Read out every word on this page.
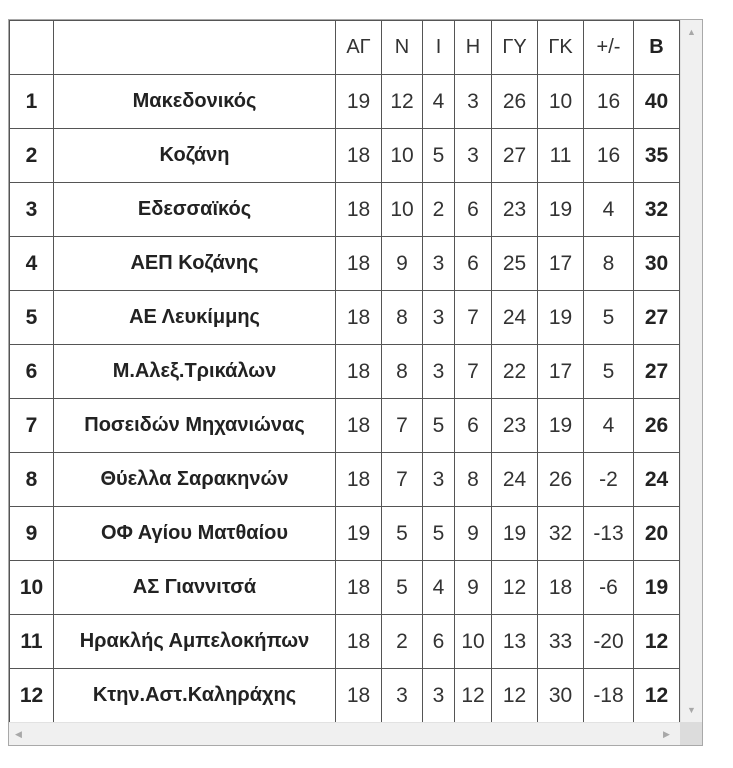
		ΑΓ	Ν	Ι	Η	ΓΥ	ΓΚ	+/-	Β
1	Μακεδονικός	19	12	4	3	26	10	16	40
2	Κοζάνη	18	10	5	3	27	11	16	35
3	Εδεσσαϊκός	18	10	2	6	23	19	4	32
4	ΑΕΠ Κοζάνης	18	9	3	6	25	17	8	30
5	ΑΕ Λευκίμμης	18	8	3	7	24	19	5	27
6	Μ.Αλεξ.Τρικάλων	18	8	3	7	22	17	5	27
7	Ποσειδών Μηχανιώνας	18	7	5	6	23	19	4	26
8	Θύελλα Σαρακηνών	18	7	3	8	24	26	-2	24
9	ΟΦ Αγίου Ματθαίου	19	5	5	9	19	32	-13	20
10	ΑΣ Γιαννιτσά	18	5	4	9	12	18	-6	19
11	Ηρακλής Αμπελοκήπων	18	2	6	10	13	33	-20	12
12	Κτην.Αστ.Καληράχης	18	3	3	12	12	30	-18	12
▲
▼
◀	▶
